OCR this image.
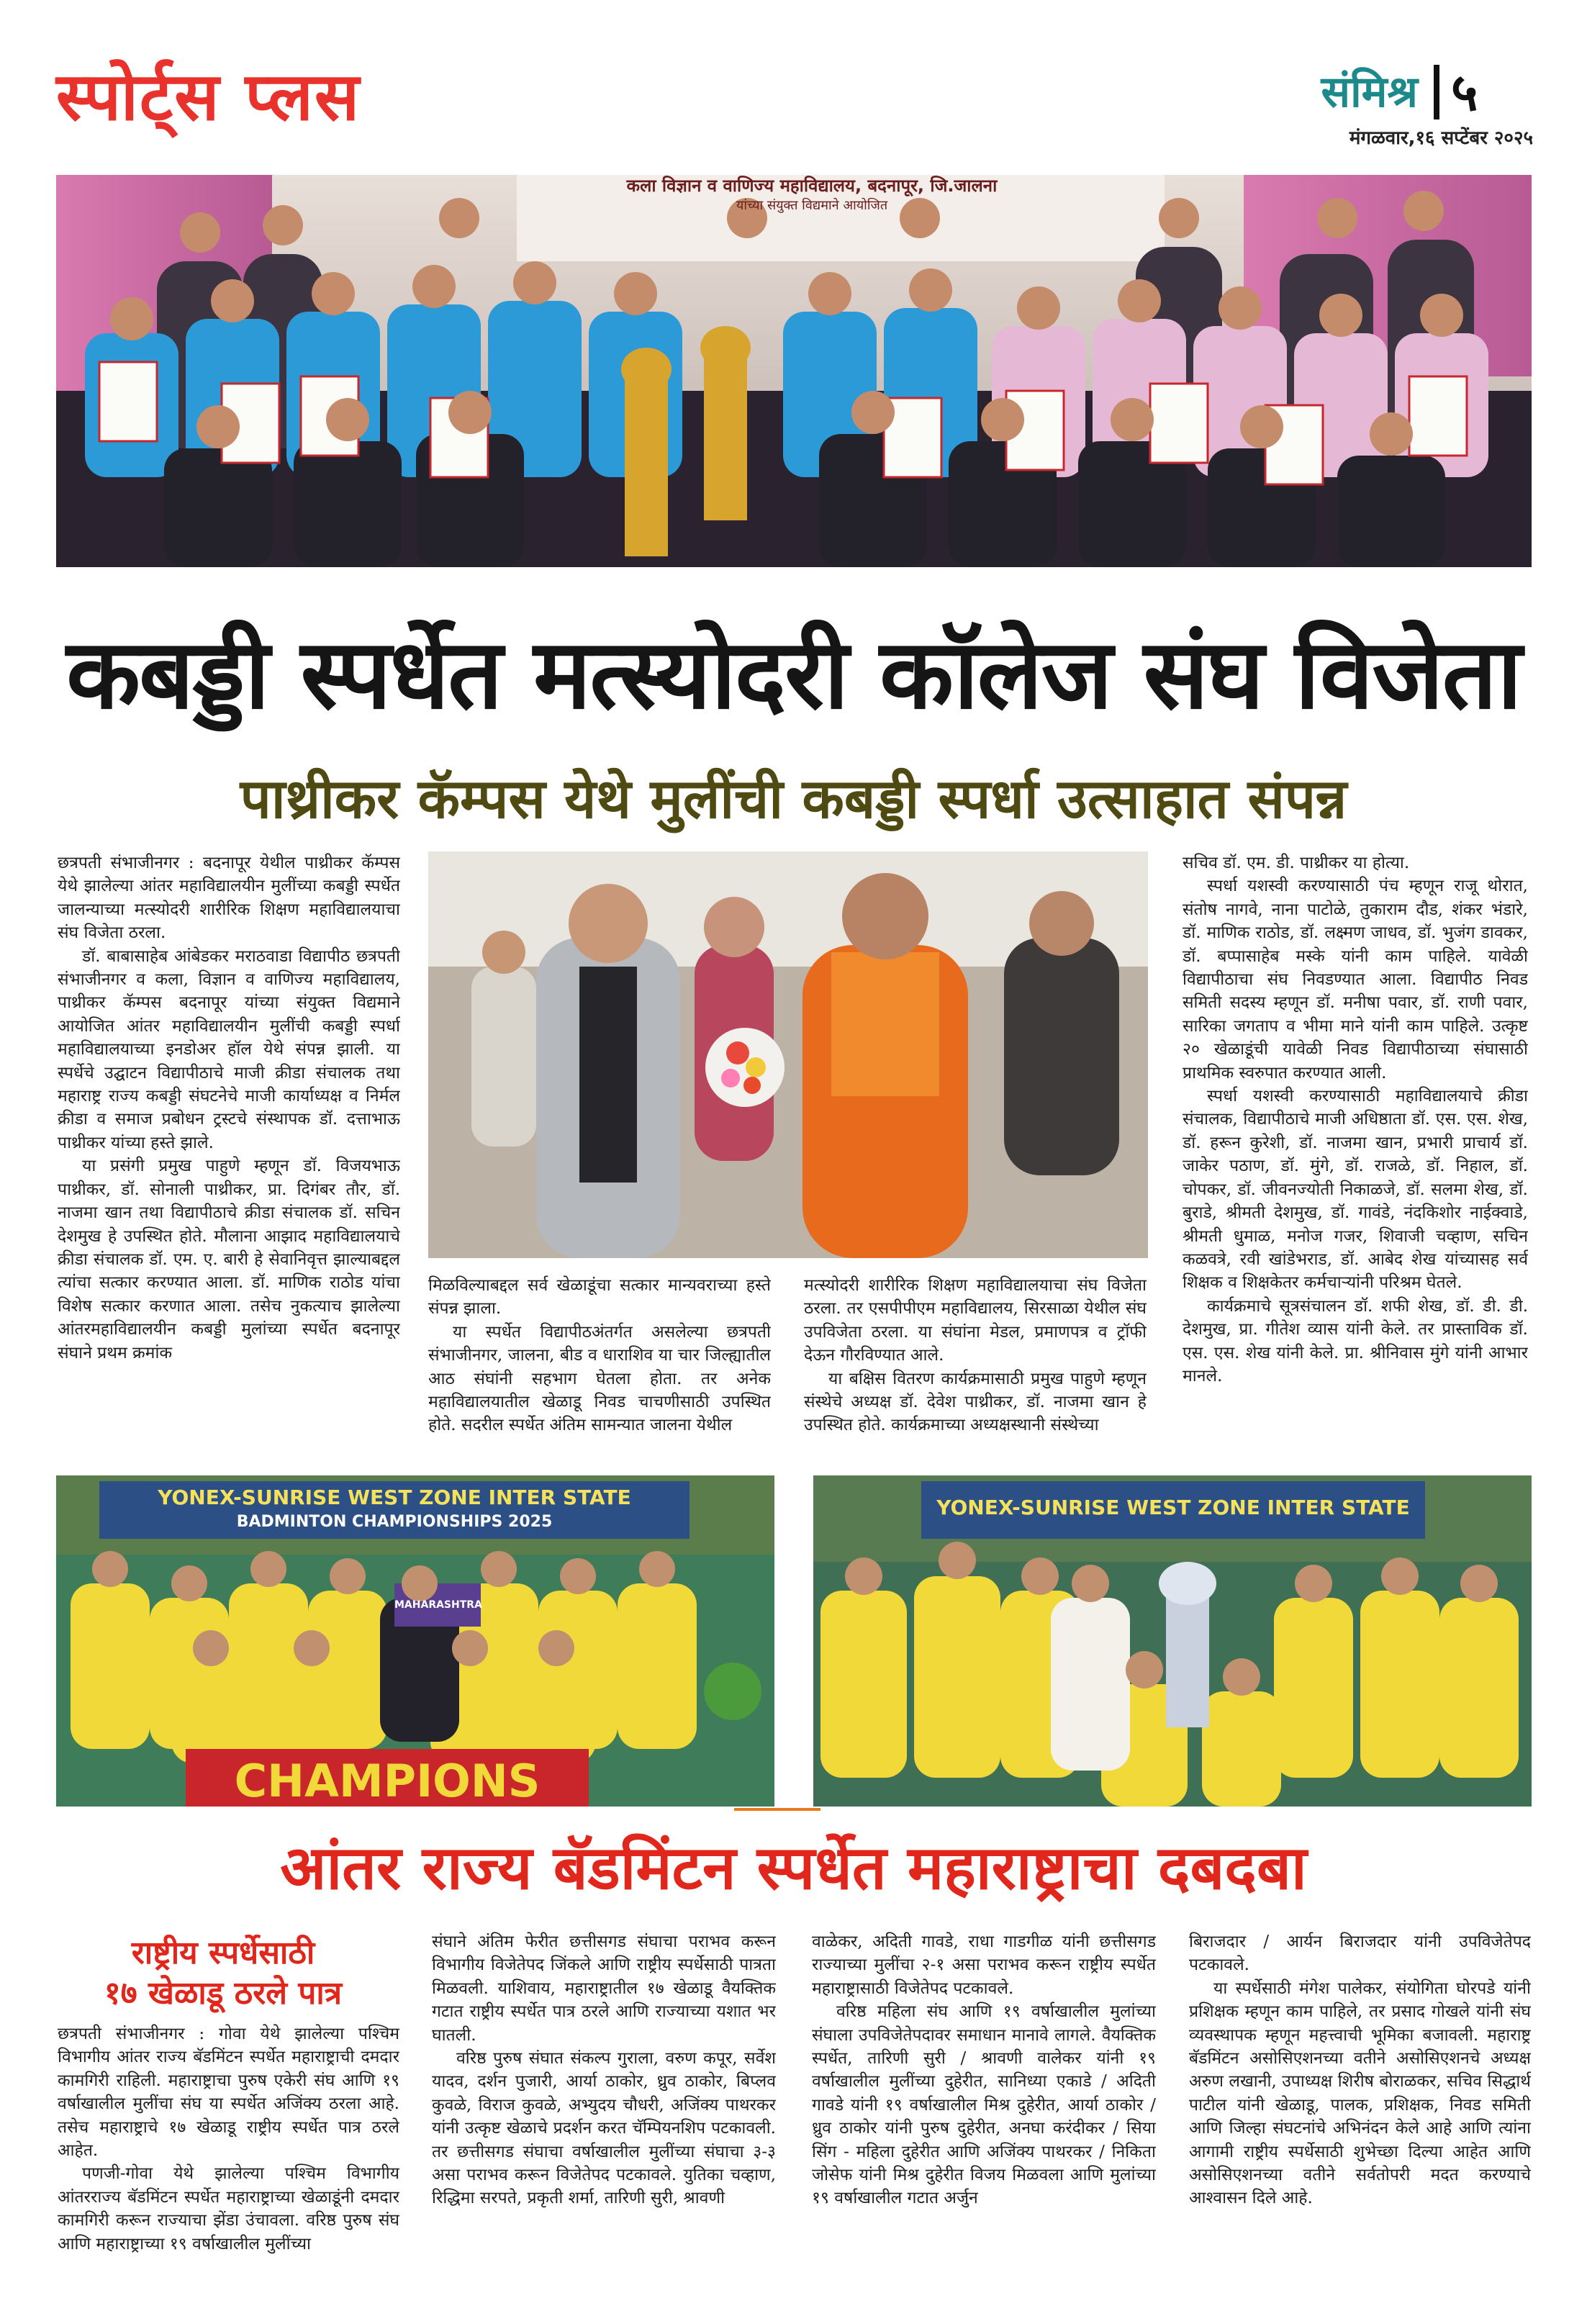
स्पोर्ट्स प्लस	संमिश्र ५
मंगळवार,१६ सप्टेंबर २०२५
कला विज्ञान व वाणिज्य महाविद्यालय, बदनापूर, जि.जालना
यांच्या संयुक्त विद्यमाने आयोजित
कबड्डी स्पर्धेत मत्स्योदरी कॉलेज संघ विजेता
पाथ्रीकर कॅम्पस येथे मुलींची कबड्डी स्पर्धा उत्साहात संपन्न

छत्रपती संभाजीनगर : बदनापूर येथील पाथ्रीकर कॅम्पस येथे झालेल्या आंतर महाविद्यालयीन मुलींच्या कबड्डी स्पर्धेत जालन्याच्या मत्स्योदरी शारीरिक शिक्षण महाविद्यालयाचा संघ विजेता ठरला.

डॉ. बाबासाहेब आंबेडकर मराठवाडा विद्यापीठ छत्रपती संभाजीनगर व कला, विज्ञान व वाणिज्य महाविद्यालय, पाथ्रीकर कॅम्पस बदनापूर यांच्या संयुक्त विद्यमाने आयोजित आंतर महाविद्यालयीन मुलींची कबड्डी स्पर्धा महाविद्यालयाच्या इनडोअर हॉल येथे संपन्न झाली. या स्पर्धेचे उद्घाटन विद्यापीठाचे माजी क्रीडा संचालक तथा महाराष्ट्र राज्य कबड्डी संघटनेचे माजी कार्याध्यक्ष व निर्मल क्रीडा व समाज प्रबोधन ट्रस्टचे संस्थापक डॉ. दत्ताभाऊ पाथ्रीकर यांच्या हस्ते झाले.

या प्रसंगी प्रमुख पाहुणे म्हणून डॉ. विजयभाऊ पाथ्रीकर, डॉ. सोनाली पाथ्रीकर, प्रा. दिगंबर तौर, डॉ. नाजमा खान तथा विद्यापीठाचे क्रीडा संचालक डॉ. सचिन देशमुख हे उपस्थित होते. मौलाना आझाद महाविद्यालयाचे क्रीडा संचालक डॉ. एम. ए. बारी हे सेवानिवृत्त झाल्याबद्दल त्यांचा सत्कार करण्यात आला. डॉ. माणिक राठोड यांचा विशेष सत्कार करणात आला. तसेच नुकत्याच झालेल्या आंतरमहाविद्यालयीन कबड्डी मुलांच्या स्पर्धेत बदनापूर संघाने प्रथम क्रमांक

मिळविल्याबद्दल सर्व खेळाडूंचा सत्कार मान्यवराच्या हस्ते संपन्न झाला.

या स्पर्धेत विद्यापीठअंतर्गत असलेल्या छत्रपती संभाजीनगर, जालना, बीड व धाराशिव या चार जिल्ह्यातील आठ संघांनी सहभाग घेतला होता. तर अनेक महाविद्यालयातील खेळाडू निवड चाचणीसाठी उपस्थित होते. सदरील स्पर्धेत अंतिम सामन्यात जालना येथील

मत्स्योदरी शारीरिक शिक्षण महाविद्यालयाचा संघ विजेता ठरला. तर एसपीपीएम महाविद्यालय, सिरसाळा येथील संघ उपविजेता ठरला. या संघांना मेडल, प्रमाणपत्र व ट्रॉफी देऊन गौरविण्यात आले.

या बक्षिस वितरण कार्यक्रमासाठी प्रमुख पाहुणे म्हणून संस्थेचे अध्यक्ष डॉ. देवेश पाथ्रीकर, डॉ. नाजमा खान हे उपस्थित होते. कार्यक्रमाच्या अध्यक्षस्थानी संस्थेच्या

सचिव डॉ. एम. डी. पाथ्रीकर या होत्या.

स्पर्धा यशस्वी करण्यासाठी पंच म्हणून राजू थोरात, संतोष नागवे, नाना पाटोळे, तुकाराम दौड, शंकर भंडारे, डॉ. माणिक राठोड, डॉ. लक्ष्मण जाधव, डॉ. भुजंग डावकर, डॉ. बप्पासाहेब मस्के यांनी काम पाहिले. यावेळी विद्यापीठाचा संघ निवडण्यात आला. विद्यापीठ निवड समिती सदस्य म्हणून डॉ. मनीषा पवार, डॉ. राणी पवार, सारिका जगताप व भीमा माने यांनी काम पाहिले. उत्कृष्ट २० खेळाडूंची यावेळी निवड विद्यापीठाच्या संघासाठी प्राथमिक स्वरुपात करण्यात आली.

स्पर्धा यशस्वी करण्यासाठी महाविद्यालयाचे क्रीडा संचालक, विद्यापीठाचे माजी अधिष्ठाता डॉ. एस. एस. शेख, डॉ. हरून कुरेशी, डॉ. नाजमा खान, प्रभारी प्राचार्य डॉ. जाकेर पठाण, डॉ. मुंगे, डॉ. राजळे, डॉ. निहाल, डॉ. चोपकर, डॉ. जीवनज्योती निकाळजे, डॉ. सलमा शेख, डॉ. बुराडे, श्रीमती देशमुख, डॉ. गावंडे, नंदकिशोर नाईक्वाडे, श्रीमती धुमाळ, मनोज गजर, शिवाजी चव्हाण, सचिन कळवत्रे, रवी खांडेभराड, डॉ. आबेद शेख यांच्यासह सर्व शिक्षक व शिक्षकेतर कर्मचाऱ्यांनी परिश्रम घेतले.

कार्यक्रमाचे सूत्रसंचालन डॉ. शफी शेख, डॉ. डी. डी. देशमुख, प्रा. गीतेश व्यास यांनी केले. तर प्रास्ताविक डॉ. एस. एस. शेख यांनी केले. प्रा. श्रीनिवास मुंगे यांनी आभार मानले.

YONEX-SUNRISE WEST ZONE INTER STATE
BADMINTON CHAMPIONSHIPS 2025
MAHARASHTRA
CHAMPIONS
YONEX-SUNRISE WEST ZONE INTER STATE
आंतर राज्य बॅडमिंटन स्पर्धेत महाराष्ट्राचा दबदबा
राष्ट्रीय स्पर्धेसाठी
१७ खेळाडू ठरले पात्र

छत्रपती संभाजीनगर : गोवा येथे झालेल्या पश्चिम विभागीय आंतर राज्य बॅडमिंटन स्पर्धेत महाराष्ट्राची दमदार कामगिरी राहिली. महाराष्ट्राचा पुरुष एकेरी संघ आणि १९ वर्षाखालील मुलींचा संघ या स्पर्धेत अजिंक्य ठरला आहे. तसेच महाराष्ट्राचे १७ खेळाडू राष्ट्रीय स्पर्धेत पात्र ठरले आहेत.

पणजी-गोवा येथे झालेल्या पश्चिम विभागीय आंतरराज्य बॅडमिंटन स्पर्धेत महाराष्ट्राच्या खेळाडूंनी दमदार कामगिरी करून राज्याचा झेंडा उंचावला. वरिष्ठ पुरुष संघ आणि महाराष्ट्राच्या १९ वर्षाखालील मुलींच्या

संघाने अंतिम फेरीत छत्तीसगड संघाचा पराभव करून विभागीय विजेतेपद जिंकले आणि राष्ट्रीय स्पर्धेसाठी पात्रता मिळवली. याशिवाय, महाराष्ट्रातील १७ खेळाडू वैयक्तिक गटात राष्ट्रीय स्पर्धेत पात्र ठरले आणि राज्याच्या यशात भर घातली.

वरिष्ठ पुरुष संघात संकल्प गुराला, वरुण कपूर, सर्वेश यादव, दर्शन पुजारी, आर्या ठाकोर, ध्रुव ठाकोर, बिप्लव कुवळे, विराज कुवळे, अभ्युदय चौधरी, अजिंक्य पाथरकर यांनी उत्कृष्ट खेळाचे प्रदर्शन करत चॅम्पियनशिप पटकावली. तर छत्तीसगड संघाचा वर्षाखालील मुलींच्या संघाचा ३-३ असा पराभव करून विजेतेपद पटकावले. युतिका चव्हाण, रिद्धिमा सरपते, प्रकृती शर्मा, तारिणी सुरी, श्रावणी

वाळेकर, अदिती गावडे, राधा गाडगीळ यांनी छत्तीसगड राज्याच्या मुलींचा २-१ असा पराभव करून राष्ट्रीय स्पर्धेत महाराष्ट्रासाठी विजेतेपद पटकावले.

वरिष्ठ महिला संघ आणि १९ वर्षाखालील मुलांच्या संघाला उपविजेतेपदावर समाधान मानावे लागले. वैयक्तिक स्पर्धेत, तारिणी सुरी / श्रावणी वालेकर यांनी १९ वर्षाखालील मुलींच्या दुहेरीत, सानिध्या एकाडे / अदिती गावडे यांनी १९ वर्षाखालील मिश्र दुहेरीत, आर्या ठाकोर / ध्रुव ठाकोर यांनी पुरुष दुहेरीत, अनघा करंदीकर / सिया सिंग - महिला दुहेरीत आणि अजिंक्य पाथरकर / निकिता जोसेफ यांनी मिश्र दुहेरीत विजय मिळवला आणि मुलांच्या १९ वर्षाखालील गटात अर्जुन

बिराजदार / आर्यन बिराजदार यांनी उपविजेतेपद पटकावले.

या स्पर्धेसाठी मंगेश पालेकर, संयोगिता घोरपडे यांनी प्रशिक्षक म्हणून काम पाहिले, तर प्रसाद गोखले यांनी संघ व्यवस्थापक म्हणून महत्त्वाची भूमिका बजावली. महाराष्ट्र बॅडमिंटन असोसिएशनच्या वतीने असोसिएशनचे अध्यक्ष अरुण लखानी, उपाध्यक्ष शिरीष बोराळकर, सचिव सिद्धार्थ पाटील यांनी खेळाडू, पालक, प्रशिक्षक, निवड समिती आणि जिल्हा संघटनांचे अभिनंदन केले आहे आणि त्यांना आगामी राष्ट्रीय स्पर्धेसाठी शुभेच्छा दिल्या आहेत आणि असोसिएशनच्या वतीने सर्वतोपरी मदत करण्याचे आश्वासन दिले आहे.
